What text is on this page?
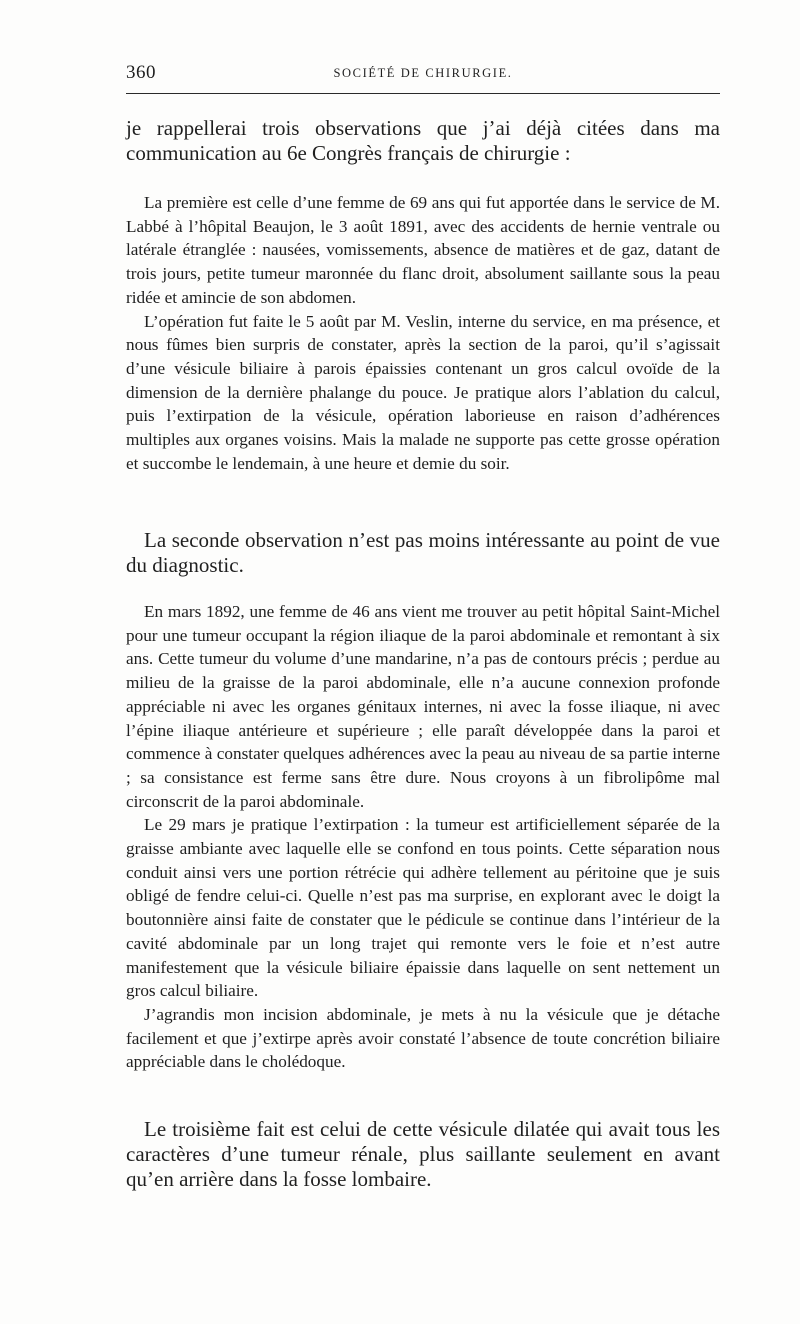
360	SOCIÉTÉ DE CHIRURGIE.

je rappellerai trois observations que j’ai déjà citées dans ma communication au 6e Congrès français de chirurgie :

La première est celle d’une femme de 69 ans qui fut apportée dans le service de M. Labbé à l’hôpital Beaujon, le 3 août 1891, avec des accidents de hernie ventrale ou latérale étranglée : nausées, vomissements, absence de matières et de gaz, datant de trois jours, petite tumeur maronnée du flanc droit, absolument saillante sous la peau ridée et amincie de son abdomen.

L’opération fut faite le 5 août par M. Veslin, interne du service, en ma présence, et nous fûmes bien surpris de constater, après la section de la paroi, qu’il s’agissait d’une vésicule biliaire à parois épaissies contenant un gros calcul ovoïde de la dimension de la dernière phalange du pouce. Je pratique alors l’ablation du calcul, puis l’extirpation de la vésicule, opération laborieuse en raison d’adhérences multiples aux organes voisins. Mais la malade ne supporte pas cette grosse opération et succombe le lendemain, à une heure et demie du soir.

La seconde observation n’est pas moins intéressante au point de vue du diagnostic.

En mars 1892, une femme de 46 ans vient me trouver au petit hôpital Saint-Michel pour une tumeur occupant la région iliaque de la paroi abdominale et remontant à six ans. Cette tumeur du volume d’une mandarine, n’a pas de contours précis ; perdue au milieu de la graisse de la paroi abdominale, elle n’a aucune connexion profonde appréciable ni avec les organes génitaux internes, ni avec la fosse iliaque, ni avec l’épine iliaque antérieure et supérieure ; elle paraît développée dans la paroi et commence à constater quelques adhérences avec la peau au niveau de sa partie interne ; sa consistance est ferme sans être dure. Nous croyons à un fibrolipôme mal circonscrit de la paroi abdominale.

Le 29 mars je pratique l’extirpation : la tumeur est artificiellement séparée de la graisse ambiante avec laquelle elle se confond en tous points. Cette séparation nous conduit ainsi vers une portion rétrécie qui adhère tellement au péritoine que je suis obligé de fendre celui-ci. Quelle n’est pas ma surprise, en explorant avec le doigt la boutonnière ainsi faite de constater que le pédicule se continue dans l’intérieur de la cavité abdominale par un long trajet qui remonte vers le foie et n’est autre manifestement que la vésicule biliaire épaissie dans laquelle on sent nettement un gros calcul biliaire.

J’agrandis mon incision abdominale, je mets à nu la vésicule que je détache facilement et que j’extirpe après avoir constaté l’absence de toute concrétion biliaire appréciable dans le cholédoque.

Le troisième fait est celui de cette vésicule dilatée qui avait tous les caractères d’une tumeur rénale, plus saillante seulement en avant qu’en arrière dans la fosse lombaire.
